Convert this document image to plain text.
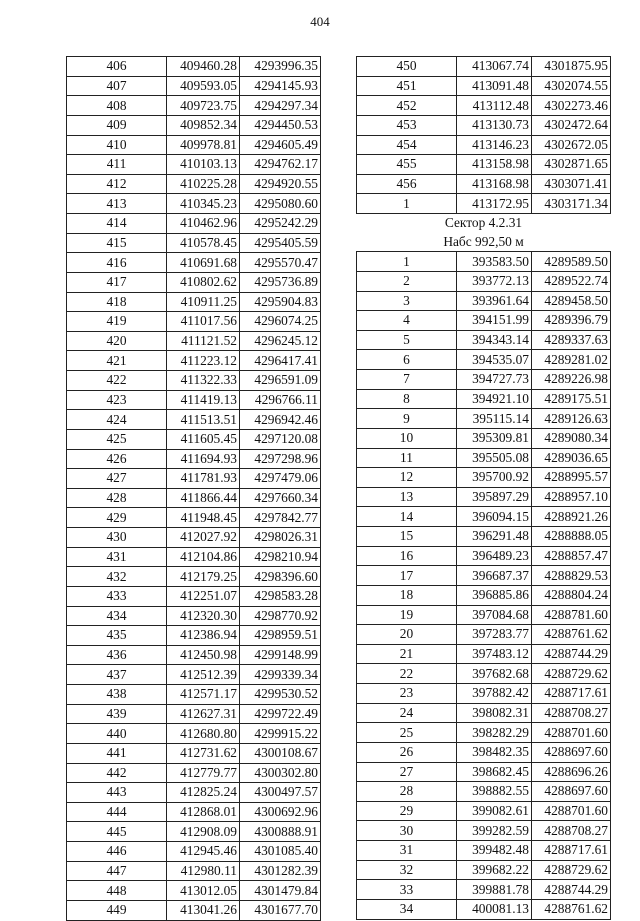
404
406	409460.28	4293996.35
407	409593.05	4294145.93
408	409723.75	4294297.34
409	409852.34	4294450.53
410	409978.81	4294605.49
411	410103.13	4294762.17
412	410225.28	4294920.55
413	410345.23	4295080.60
414	410462.96	4295242.29
415	410578.45	4295405.59
416	410691.68	4295570.47
417	410802.62	4295736.89
418	410911.25	4295904.83
419	411017.56	4296074.25
420	411121.52	4296245.12
421	411223.12	4296417.41
422	411322.33	4296591.09
423	411419.13	4296766.11
424	411513.51	4296942.46
425	411605.45	4297120.08
426	411694.93	4297298.96
427	411781.93	4297479.06
428	411866.44	4297660.34
429	411948.45	4297842.77
430	412027.92	4298026.31
431	412104.86	4298210.94
432	412179.25	4298396.60
433	412251.07	4298583.28
434	412320.30	4298770.92
435	412386.94	4298959.51
436	412450.98	4299148.99
437	412512.39	4299339.34
438	412571.17	4299530.52
439	412627.31	4299722.49
440	412680.80	4299915.22
441	412731.62	4300108.67
442	412779.77	4300302.80
443	412825.24	4300497.57
444	412868.01	4300692.96
445	412908.09	4300888.91
446	412945.46	4301085.40
447	412980.11	4301282.39
448	413012.05	4301479.84
449	413041.26	4301677.70
450	413067.74	4301875.95
451	413091.48	4302074.55
452	413112.48	4302273.46
453	413130.73	4302472.64
454	413146.23	4302672.05
455	413158.98	4302871.65
456	413168.98	4303071.41
1	413172.95	4303171.34
Сектор 4.2.31		
Набс 992,50 м		
1	393583.50	4289589.50
2	393772.13	4289522.74
3	393961.64	4289458.50
4	394151.99	4289396.79
5	394343.14	4289337.63
6	394535.07	4289281.02
7	394727.73	4289226.98
8	394921.10	4289175.51
9	395115.14	4289126.63
10	395309.81	4289080.34
11	395505.08	4289036.65
12	395700.92	4288995.57
13	395897.29	4288957.10
14	396094.15	4288921.26
15	396291.48	4288888.05
16	396489.23	4288857.47
17	396687.37	4288829.53
18	396885.86	4288804.24
19	397084.68	4288781.60
20	397283.77	4288761.62
21	397483.12	4288744.29
22	397682.68	4288729.62
23	397882.42	4288717.61
24	398082.31	4288708.27
25	398282.29	4288701.60
26	398482.35	4288697.60
27	398682.45	4288696.26
28	398882.55	4288697.60
29	399082.61	4288701.60
30	399282.59	4288708.27
31	399482.48	4288717.61
32	399682.22	4288729.62
33	399881.78	4288744.29
34	400081.13	4288761.62
